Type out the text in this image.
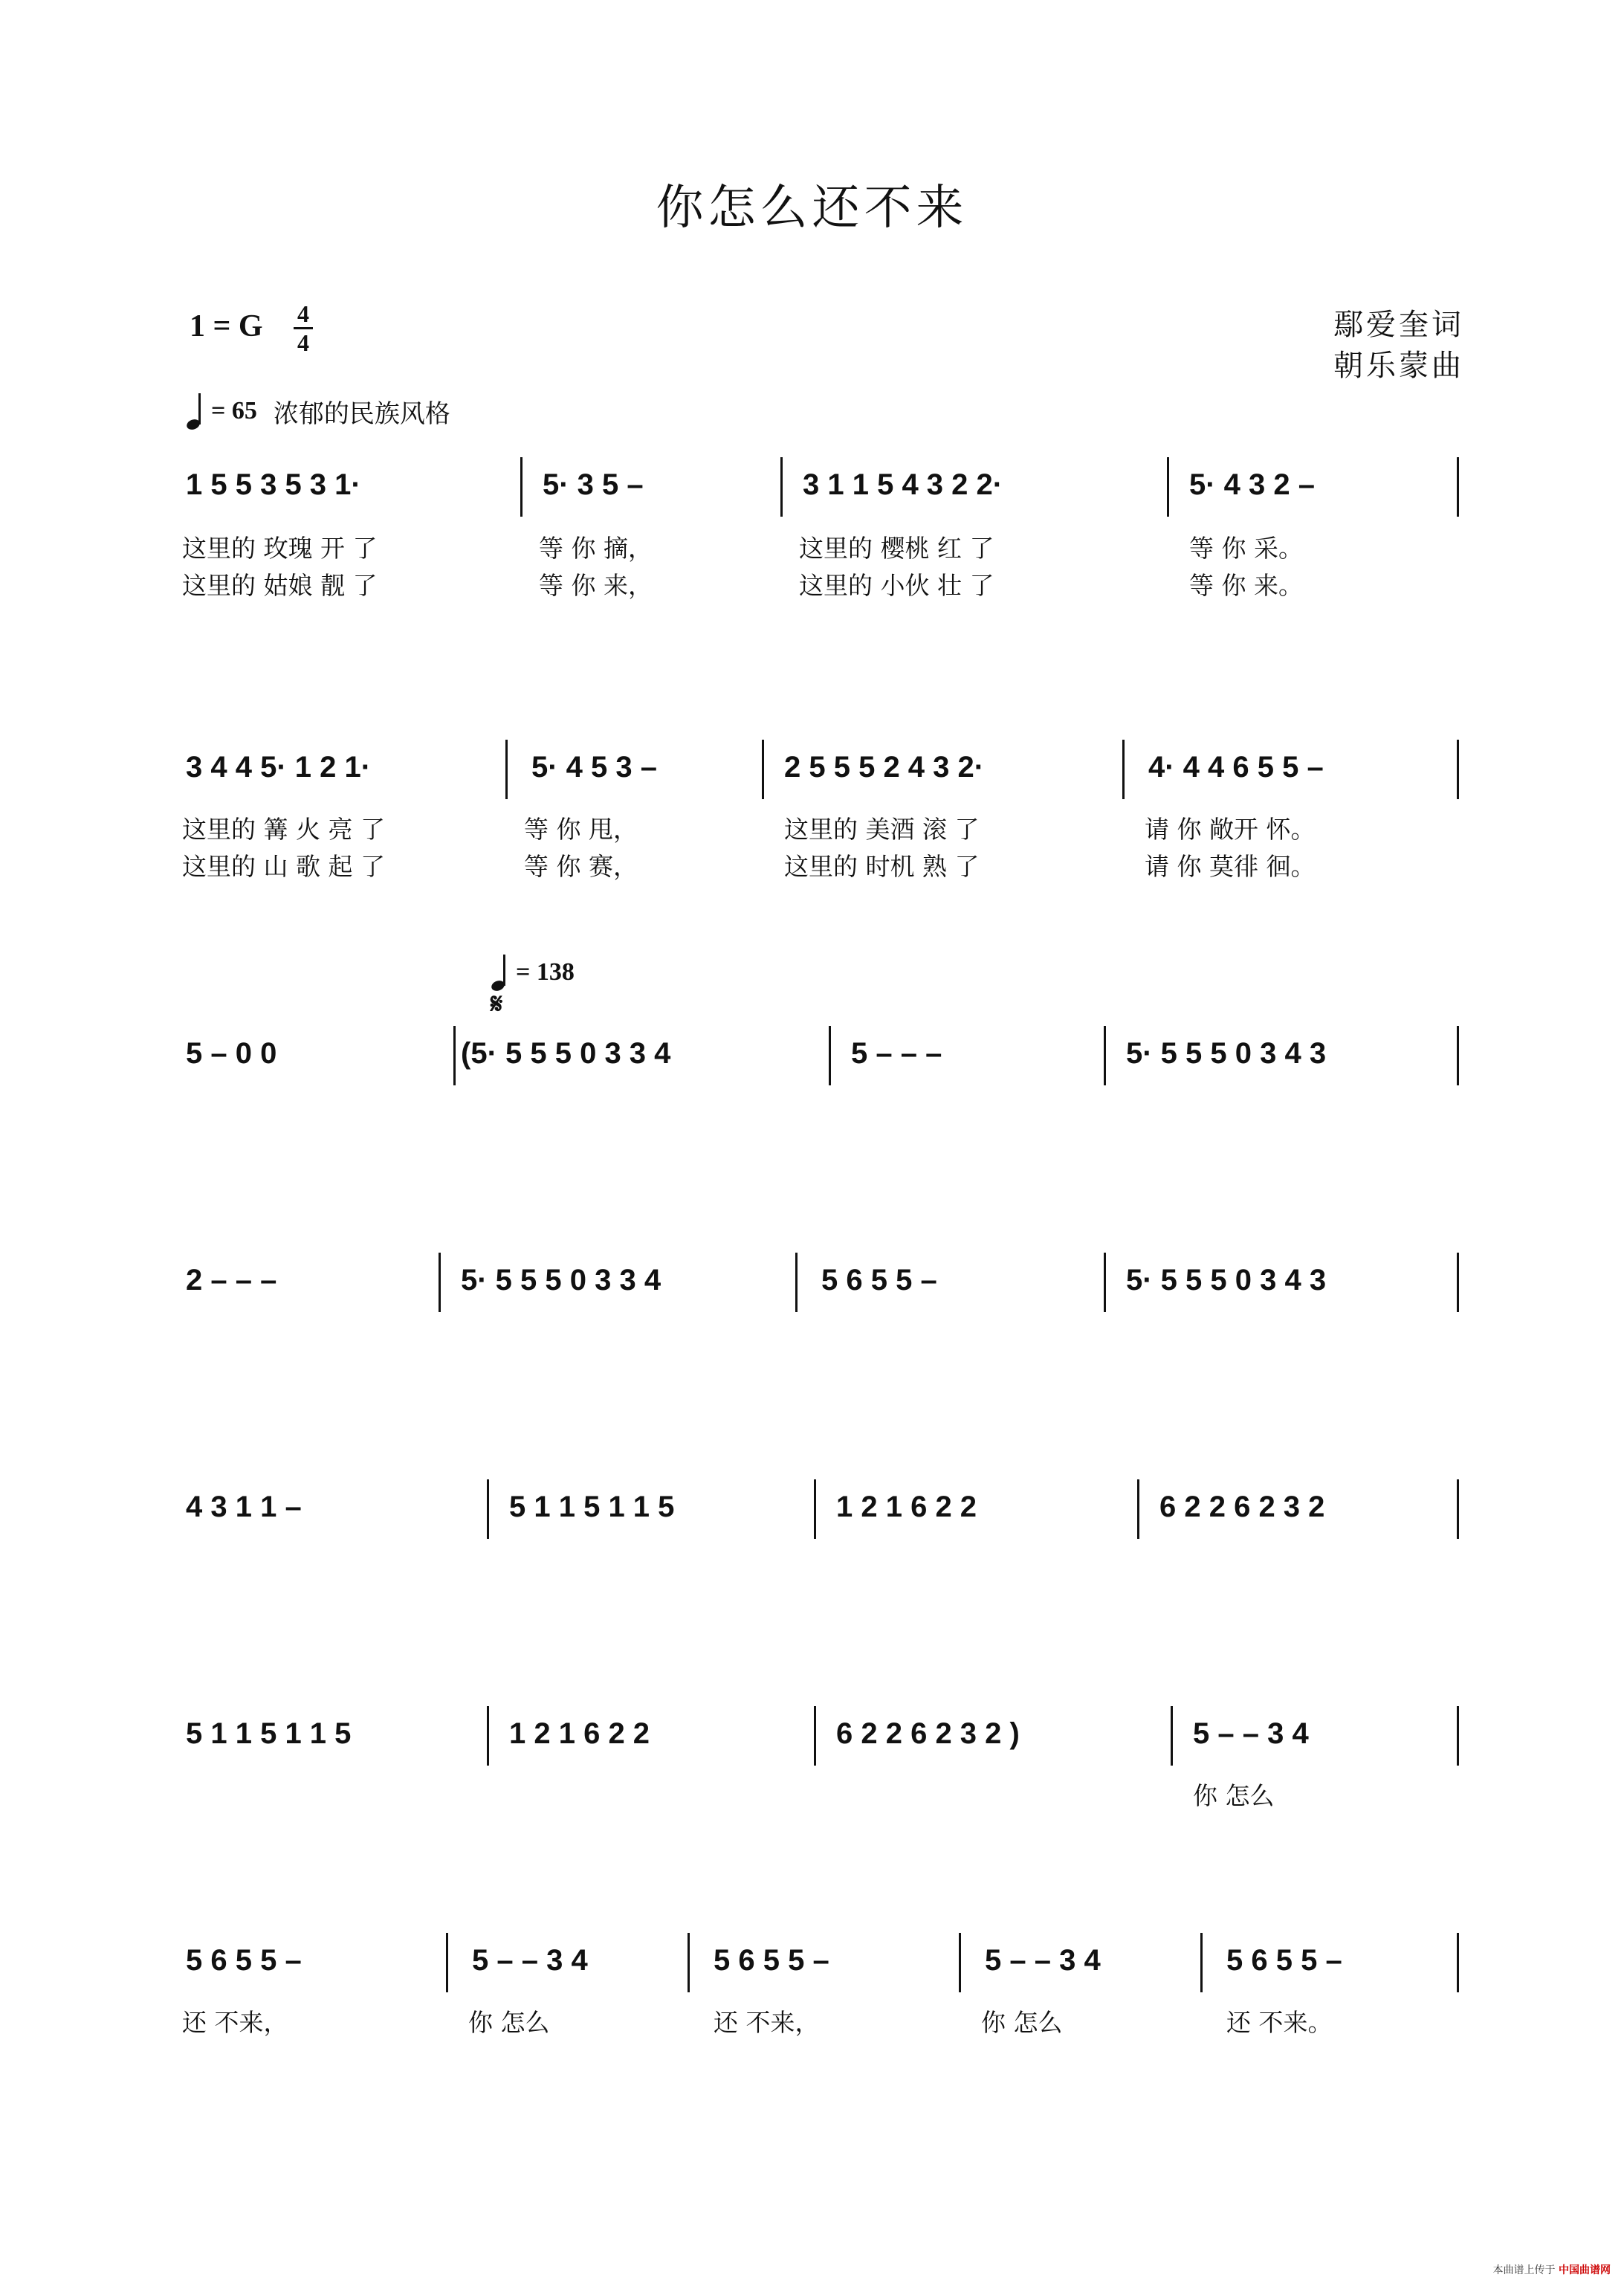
你怎么还不来
1 = G 4
4
鄢爱奎词
朝乐蒙曲
= 65 浓郁的民族风格
= 138
𝄋
1 5 5 3 5 3 1·	5· 3 5 –	3 1 1 5 4 3 2 2·	5· 4 3 2 –
这里的 玫瑰 开 了	等 你 摘，	这里的 樱桃 红 了	等 你 采。
这里的 姑娘 靓 了	等 你 来，	这里的 小伙 壮 了	等 你 来。
3 4 4 5· 1 2 1·	5· 4 5 3 –	2 5 5 5 2 4 3 2·	4· 4 4 6 5 5 –
这里的 篝 火 亮 了	等 你 甩，	这里的 美酒 滚 了	请 你 敞开 怀。
这里的 山 歌 起 了	等 你 赛，	这里的 时机 熟 了	请 你 莫徘 徊。
5 – 0 0	(5· 5 5 5 0 3 3 4	5 – – –	5· 5 5 5 0 3 4 3
2 – – –	5· 5 5 5 0 3 3 4	5 6 5 5 –	5· 5 5 5 0 3 4 3
4 3 1 1 –	5 1 1 5 1 1 5	1 2 1 6 2 2	6 2 2 6 2 3 2
5 1 1 5 1 1 5	1 2 1 6 2 2	6 2 2 6 2 3 2 )	5 – – 3 4
你 怎么
5 6 5 5 –	5 – – 3 4	5 6 5 5 –	5 – – 3 4	5 6 5 5 –
还 不来，	你 怎么	还 不来，	你 怎么	还 不来。
本曲谱上传于 中国曲谱网
